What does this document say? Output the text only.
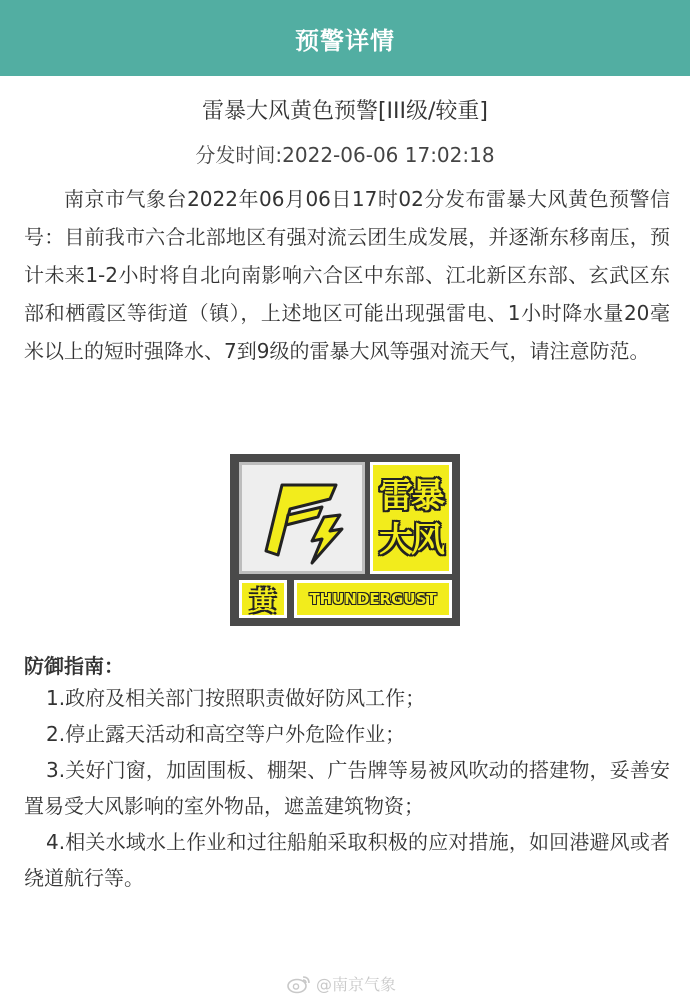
预警详情
雷暴大风黄色预警[III级/较重]
分发时间:2022-06-06 17:02:18

南京市气象台2022年06月06日17时02分发布雷暴大风黄色预警信号：目前我市六合北部地区有强对流云团生成发展，并逐渐东移南压，预计未来1-2小时将自北向南影响六合区中东部、江北新区东部、玄武区东部和栖霞区等街道（镇），上述地区可能出现强雷电、1小时降水量20毫米以上的短时强降水、7到9级的雷暴大风等强对流天气，请注意防范。

雷暴
大风
黄 THUNDERGUST
防御指南：
1.政府及相关部门按照职责做好防风工作；
2.停止露天活动和高空等户外危险作业；
3.关好门窗，加固围板、棚架、广告牌等易被风吹动的搭建物，妥善安置易受大风影响的室外物品，遮盖建筑物资；
4.相关水域水上作业和过往船舶采取积极的应对措施，如回港避风或者绕道航行等。
@南京气象
